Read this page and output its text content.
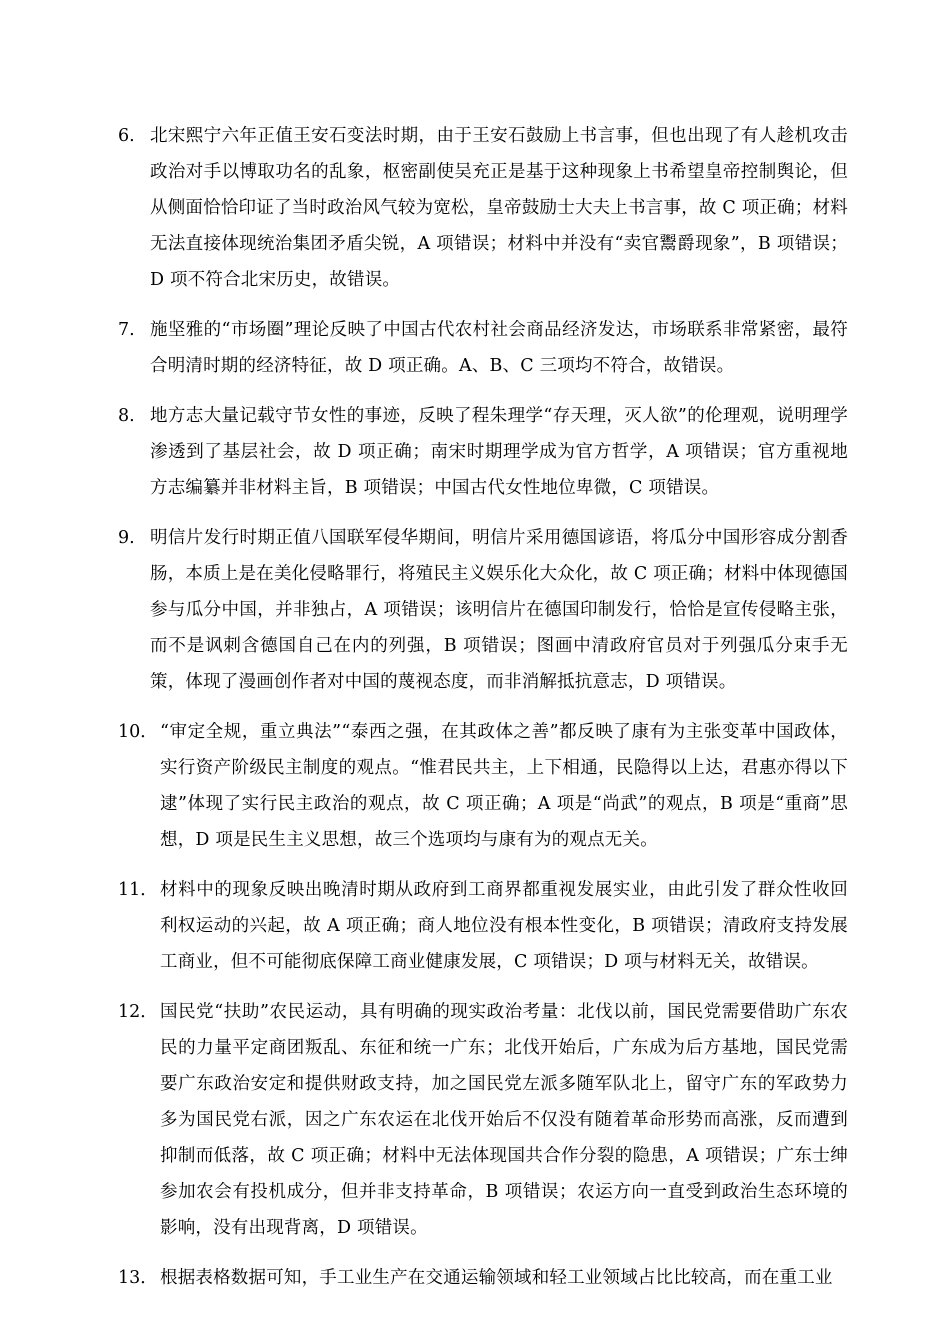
6. 北宋熙宁六年正值王安石变法时期，由于王安石鼓励上书言事，但也出现了有人趁机攻击政治对手以博取功名的乱象，枢密副使吴充正是基于这种现象上书希望皇帝控制舆论，但从侧面恰恰印证了当时政治风气较为宽松，皇帝鼓励士大夫上书言事，故 C 项正确；材料无法直接体现统治集团矛盾尖锐，A 项错误；材料中并没有“卖官鬻爵现象”，B 项错误；D 项不符合北宋历史，故错误。
7. 施坚雅的“市场圈”理论反映了中国古代农村社会商品经济发达，市场联系非常紧密，最符合明清时期的经济特征，故 D 项正确。A、B、C 三项均不符合，故错误。
8. 地方志大量记载守节女性的事迹，反映了程朱理学“存天理，灭人欲”的伦理观，说明理学渗透到了基层社会，故 D 项正确；南宋时期理学成为官方哲学，A 项错误；官方重视地方志编纂并非材料主旨，B 项错误；中国古代女性地位卑微，C 项错误。
9. 明信片发行时期正值八国联军侵华期间，明信片采用德国谚语，将瓜分中国形容成分割香肠，本质上是在美化侵略罪行，将殖民主义娱乐化大众化，故 C 项正确；材料中体现德国参与瓜分中国，并非独占，A 项错误；该明信片在德国印制发行，恰恰是宣传侵略主张，而不是讽刺含德国自己在内的列强，B 项错误；图画中清政府官员对于列强瓜分束手无策，体现了漫画创作者对中国的蔑视态度，而非消解抵抗意志，D 项错误。
10． “审定全规，重立典法”“泰西之强，在其政体之善”都反映了康有为主张变革中国政体，实行资产阶级民主制度的观点。“惟君民共主，上下相通，民隐得以上达，君惠亦得以下逮”体现了实行民主政治的观点，故 C 项正确；A 项是“尚武”的观点，B 项是“重商”思想，D 项是民生主义思想，故三个选项均与康有为的观点无关。
11． 材料中的现象反映出晚清时期从政府到工商界都重视发展实业，由此引发了群众性收回利权运动的兴起，故 A 项正确；商人地位没有根本性变化，B 项错误；清政府支持发展工商业，但不可能彻底保障工商业健康发展，C 项错误；D 项与材料无关，故错误。
12． 国民党“扶助”农民运动，具有明确的现实政治考量：北伐以前，国民党需要借助广东农民的力量平定商团叛乱、东征和统一广东；北伐开始后，广东成为后方基地，国民党需要广东政治安定和提供财政支持，加之国民党左派多随军队北上，留守广东的军政势力多为国民党右派，因之广东农运在北伐开始后不仅没有随着革命形势而高涨，反而遭到抑制而低落，故 C 项正确；材料中无法体现国共合作分裂的隐患，A 项错误；广东士绅参加农会有投机成分，但并非支持革命，B 项错误；农运方向一直受到政治生态环境的影响，没有出现背离，D 项错误。
13． 根据表格数据可知，手工业生产在交通运输领域和轻工业领域占比比较高，而在重工业
